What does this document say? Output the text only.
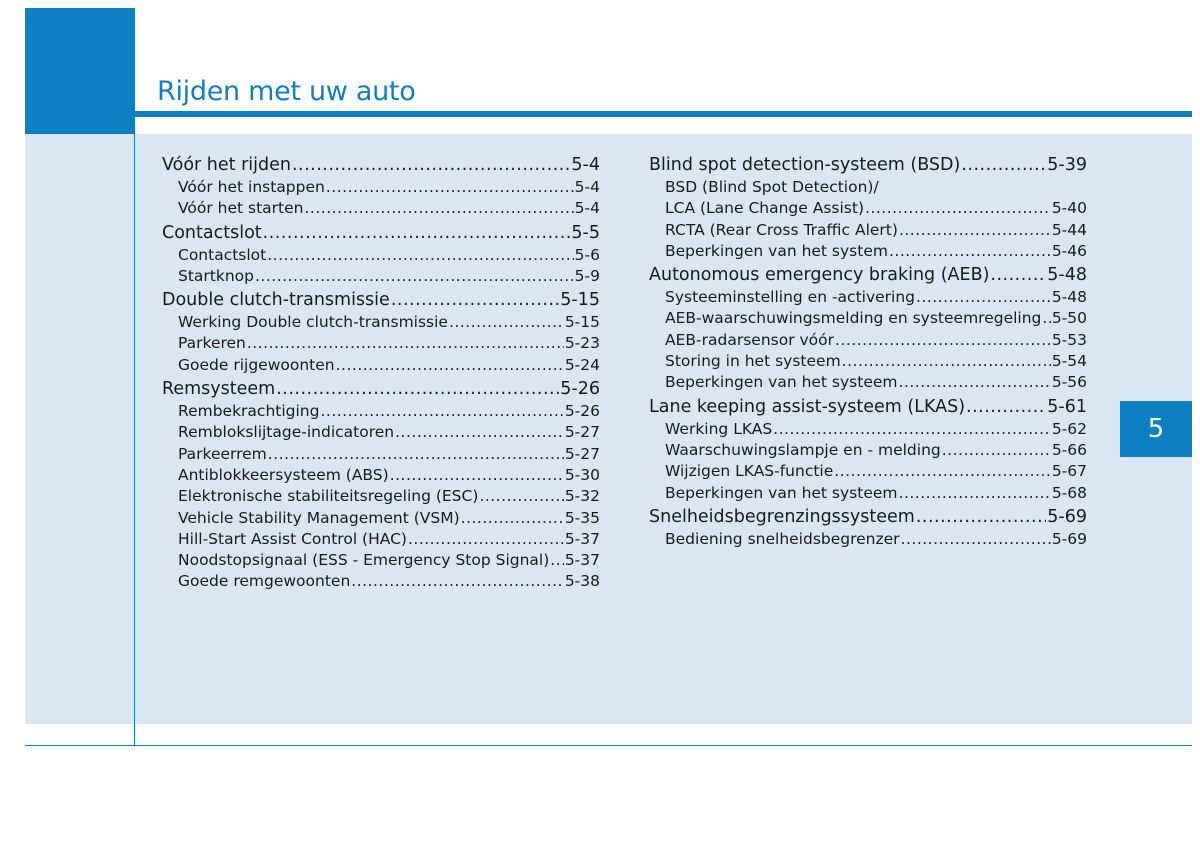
Rijden met uw auto
5
Vóór het rijden .....	5-4
Vóór het instappen .....	5-4
Vóór het starten .....	5-4
Contactslot .....	5-5
Contactslot .....	5-6
Startknop .....	5-9
Double clutch-transmissie .....	5-15
Werking Double clutch-transmissie .....	5-15
Parkeren .....	5-23
Goede rijgewoonten .....	5-24
Remsysteem .....	5-26
Rembekrachtiging .....	5-26
Remblokslijtage-indicatoren .....	5-27
Parkeerrem .....	5-27
Antiblokkeersysteem (ABS) .....	5-30
Elektronische stabiliteitsregeling (ESC) .....	5-32
Vehicle Stability Management (VSM) .....	5-35
Hill-Start Assist Control (HAC) .....	5-37
Noodstopsignaal (ESS - Emergency Stop Signal) ..... 5-37
Goede remgewoonten .....	5-38
Blind spot detection-systeem (BSD) .....	5-39
BSD (Blind Spot Detection)/
LCA (Lane Change Assist) .....	5-40
RCTA (Rear Cross Traffic Alert) .....	5-44
Beperkingen van het system .....	5-46
Autonomous emergency braking (AEB) .....	5-48
Systeeminstelling en -activering .....	5-48
AEB-waarschuwingsmelding en systeemregeling ..... 5-50
AEB-radarsensor vóór .....	5-53
Storing in het systeem .....	5-54
Beperkingen van het systeem .....	5-56
Lane keeping assist-systeem (LKAS) .....	5-61
Werking LKAS .....	5-62
Waarschuwingslampje en - melding .....	5-66
Wijzigen LKAS-functie .....	5-67
Beperkingen van het systeem .....	5-68
Snelheidsbegrenzingssysteem .....	5-69
Bediening snelheidsbegrenzer .....	5-69
